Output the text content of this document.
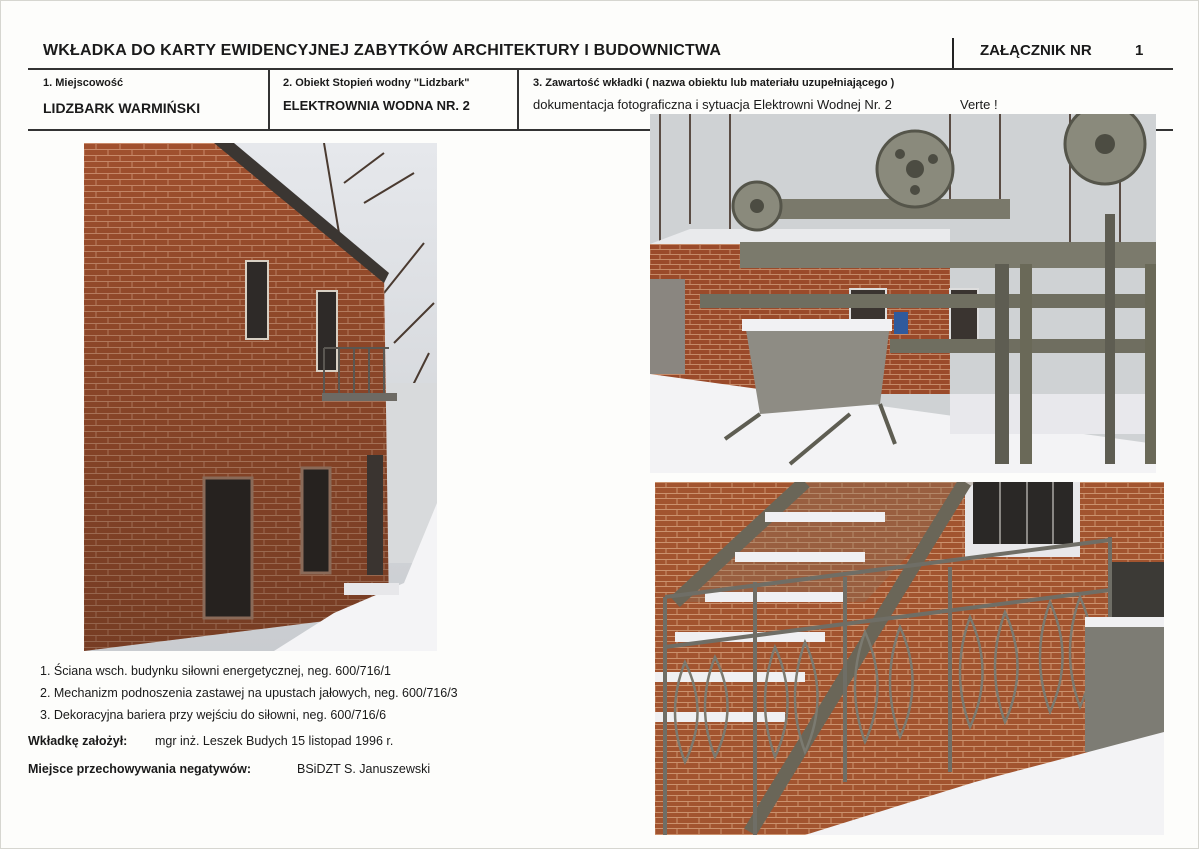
WKŁADKA DO KARTY EWIDENCYJNEJ ZABYTKÓW ARCHITEKTURY I BUDOWNICTWA	ZAŁĄCZNIK NR	1
1. Miejscowość
LIDZBARK WARMIŃSKI
2. Obiekt Stopień wodny "Lidzbark"
ELEKTROWNIA WODNA NR. 2
3. Zawartość wkładki ( nazwa obiektu lub materiału uzupełniającego )
dokumentacja fotograficzna i sytuacja Elektrowni Wodnej Nr. 2	Verte !
1. Ściana wsch. budynku siłowni energetycznej, neg. 600/716/1
2. Mechanizm podnoszenia zastawej na upustach jałowych, neg. 600/716/3
3. Dekoracyjna bariera przy wejściu do siłowni, neg. 600/716/6
Wkładkę założył: mgr inż. Leszek Budych 15 listopad 1996 r.
Miejsce przechowywania negatywów:	BSiDZT S. Januszewski
